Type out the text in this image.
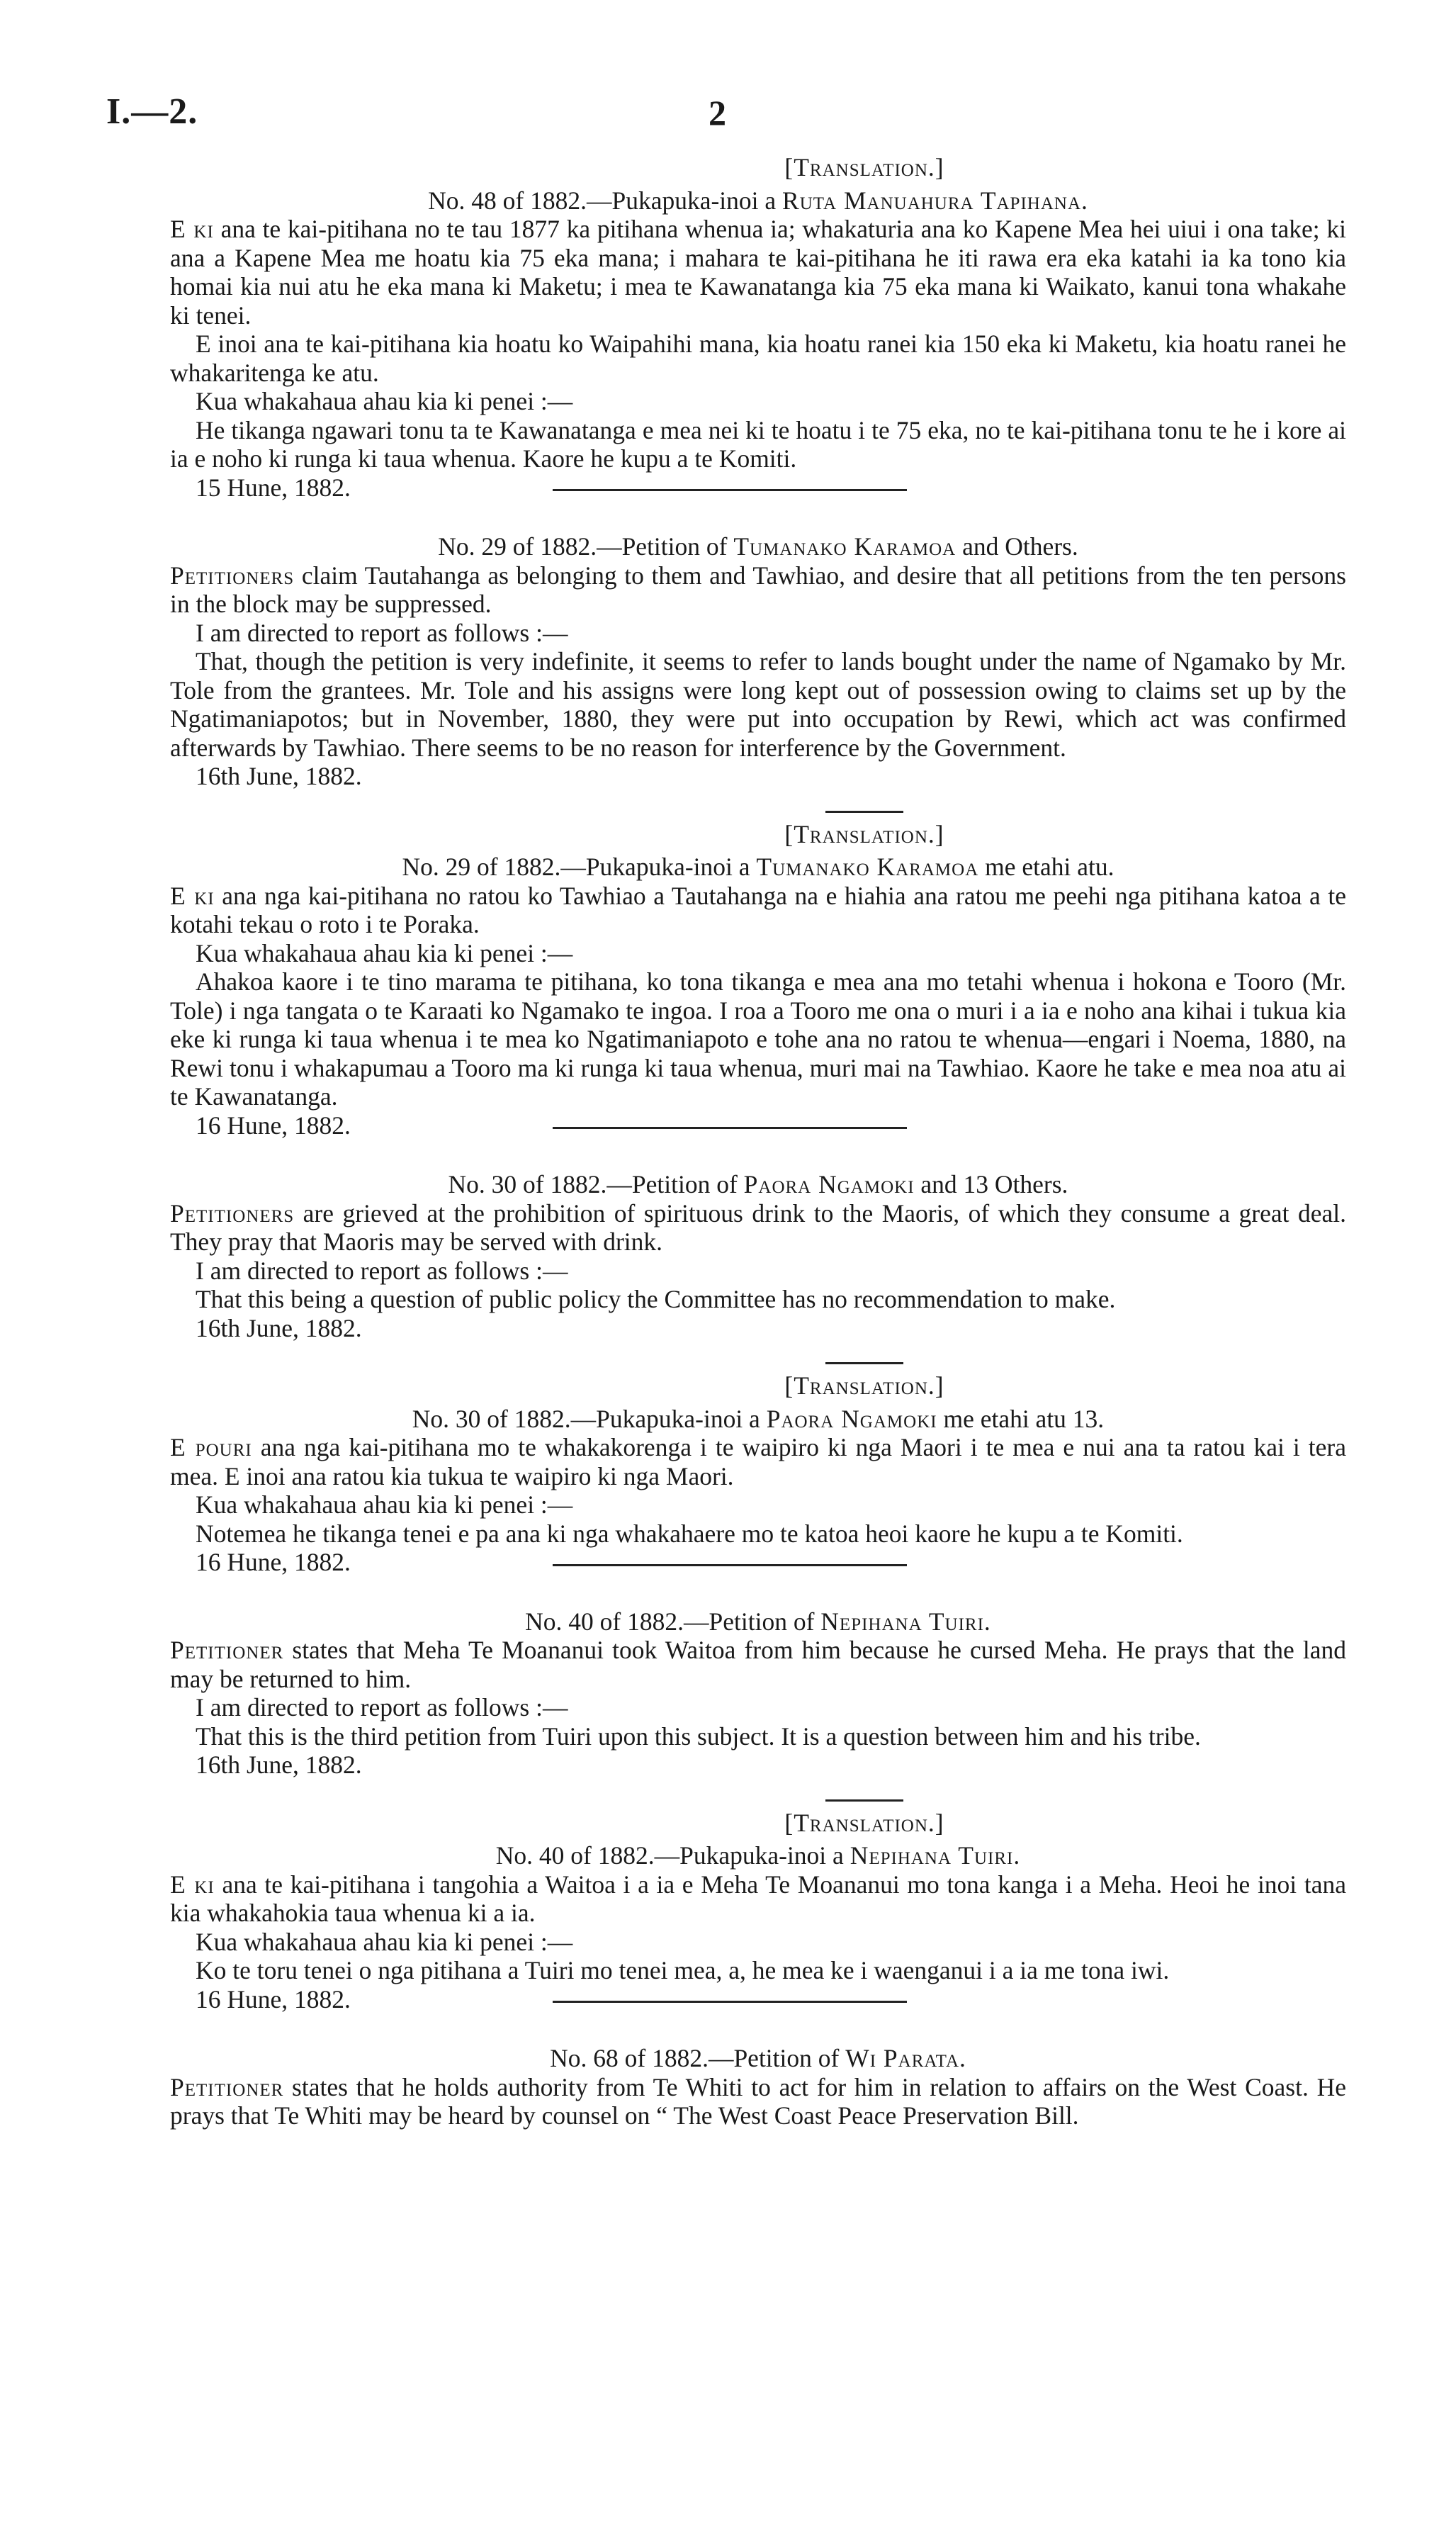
I.—2.	2
[Translation.]
No. 48 of 1882.—Pukapuka-inoi a Ruta Manuahura Tapihana.

E ki ana te kai-pitihana no te tau 1877 ka pitihana whenua ia; whakaturia ana ko Kapene Mea hei uiui i ona take; ki ana a Kapene Mea me hoatu kia 75 eka mana; i mahara te kai-pitihana he iti rawa era eka katahi ia ka tono kia homai kia nui atu he eka mana ki Maketu; i mea te Kawanatanga kia 75 eka mana ki Waikato, kanui tona whakahe ki tenei.

E inoi ana te kai-pitihana kia hoatu ko Waipahihi mana, kia hoatu ranei kia 150 eka ki Maketu, kia hoatu ranei he whakaritenga ke atu.

Kua whakahaua ahau kia ki penei :—

He tikanga ngawari tonu ta te Kawanatanga e mea nei ki te hoatu i te 75 eka, no te kai-pitihana tonu te he i kore ai ia e noho ki runga ki taua whenua. Kaore he kupu a te Komiti.

15 Hune, 1882.
No. 29 of 1882.—Petition of Tumanako Karamoa and Others.

Petitioners claim Tautahanga as belonging to them and Tawhiao, and desire that all petitions from the ten persons in the block may be suppressed.

I am directed to report as follows :—

That, though the petition is very indefinite, it seems to refer to lands bought under the name of Ngamako by Mr. Tole from the grantees. Mr. Tole and his assigns were long kept out of possession owing to claims set up by the Ngatimaniapotos; but in November, 1880, they were put into occupation by Rewi, which act was confirmed afterwards by Tawhiao. There seems to be no reason for interference by the Government.

16th June, 1882.
[Translation.]
No. 29 of 1882.—Pukapuka-inoi a Tumanako Karamoa me etahi atu.

E ki ana nga kai-pitihana no ratou ko Tawhiao a Tautahanga na e hiahia ana ratou me peehi nga pitihana katoa a te kotahi tekau o roto i te Poraka.

Kua whakahaua ahau kia ki penei :—

Ahakoa kaore i te tino marama te pitihana, ko tona tikanga e mea ana mo tetahi whenua i hokona e Tooro (Mr. Tole) i nga tangata o te Karaati ko Ngamako te ingoa. I roa a Tooro me ona o muri i a ia e noho ana kihai i tukua kia eke ki runga ki taua whenua i te mea ko Ngatimaniapoto e tohe ana no ratou te whenua—engari i Noema, 1880, na Rewi tonu i whakapumau a Tooro ma ki runga ki taua whenua, muri mai na Tawhiao. Kaore he take e mea noa atu ai te Kawanatanga.

16 Hune, 1882.
No. 30 of 1882.—Petition of Paora Ngamoki and 13 Others.

Petitioners are grieved at the prohibition of spirituous drink to the Maoris, of which they consume a great deal. They pray that Maoris may be served with drink.

I am directed to report as follows :—

That this being a question of public policy the Committee has no recommendation to make.

16th June, 1882.
[Translation.]
No. 30 of 1882.—Pukapuka-inoi a Paora Ngamoki me etahi atu 13.

E pouri ana nga kai-pitihana mo te whakakorenga i te waipiro ki nga Maori i te mea e nui ana ta ratou kai i tera mea. E inoi ana ratou kia tukua te waipiro ki nga Maori.

Kua whakahaua ahau kia ki penei :—

Notemea he tikanga tenei e pa ana ki nga whakahaere mo te katoa heoi kaore he kupu a te Komiti.

16 Hune, 1882.
No. 40 of 1882.—Petition of Nepihana Tuiri.

Petitioner states that Meha Te Moananui took Waitoa from him because he cursed Meha. He prays that the land may be returned to him.

I am directed to report as follows :—

That this is the third petition from Tuiri upon this subject. It is a question between him and his tribe.

16th June, 1882.
[Translation.]
No. 40 of 1882.—Pukapuka-inoi a Nepihana Tuiri.

E ki ana te kai-pitihana i tangohia a Waitoa i a ia e Meha Te Moananui mo tona kanga i a Meha. Heoi he inoi tana kia whakahokia taua whenua ki a ia.

Kua whakahaua ahau kia ki penei :—

Ko te toru tenei o nga pitihana a Tuiri mo tenei mea, a, he mea ke i waenganui i a ia me tona iwi.

16 Hune, 1882.
No. 68 of 1882.—Petition of Wi Parata.

Petitioner states that he holds authority from Te Whiti to act for him in relation to affairs on the West Coast. He prays that Te Whiti may be heard by counsel on “ The West Coast Peace Preservation Bill.
